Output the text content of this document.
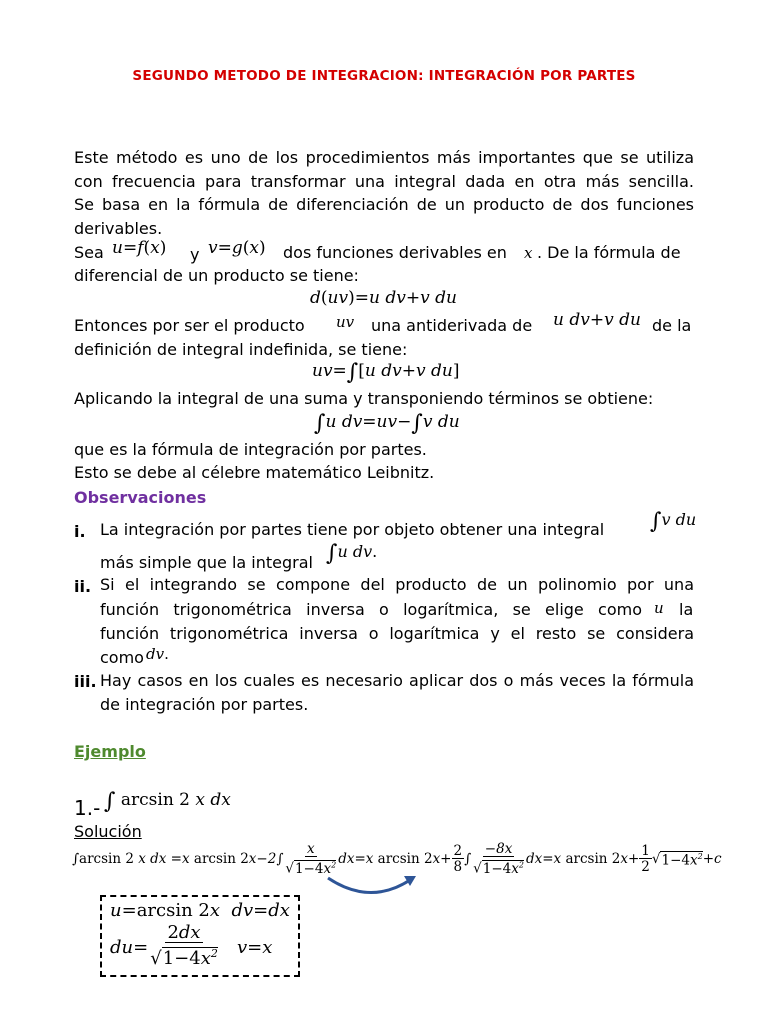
SEGUNDO METODO DE INTEGRACION: INTEGRACIÓN POR PARTES
Este método es uno de los procedimientos más importantes que se utiliza
con frecuencia para transformar una integral dada en otra más sencilla.
Se basa en la fórmula de diferenciación de un producto de dos funciones
derivables.
Sea u=f(x) y v=g(x) dos funciones derivables en x . De la fórmula de
diferencial de un producto se tiene:
d(uv)=u dv+v du
Entonces por ser el producto uv una antiderivada de u dv+v du de la
definición de integral indefinida, se tiene:
uv=∫[u dv+v du]
Aplicando la integral de una suma y transponiendo términos se obtiene:
∫u dv=uv−∫v du
que es la fórmula de integración por partes.
Esto se debe al célebre matemático Leibnitz.
Observaciones
i. La integración por partes tiene por objeto obtener una integral ∫v du
más simple que la integral ∫u dv.
ii. Si el integrando se compone del producto de un polinomio por una
función trigonométrica inversa o logarítmica, se elige como u la
función trigonométrica inversa o logarítmica y el resto se considera
como dv.
iii. Hay casos en los cuales es necesario aplicar dos o más veces la fórmula
de integración por partes.
Ejemplo
1.- ∫ arcsin 2 x dx
Solución
∫ arcsin 2 x dx =x arcsin 2 x−2 ∫ $\frac{x}{√1-4x^2} dx=x$ arcsin 2 $x+ \frac{2}{8}$ ∫ $\frac{-8x}{√1-4x^2} dx=x$ arcsin 2 $x+ \frac{1}{2}$ √ $1-4x^2 +c$
u=arcsin 2x  dv=dx
$du= \frac{2dx}{√1-4x^2} v=x$
